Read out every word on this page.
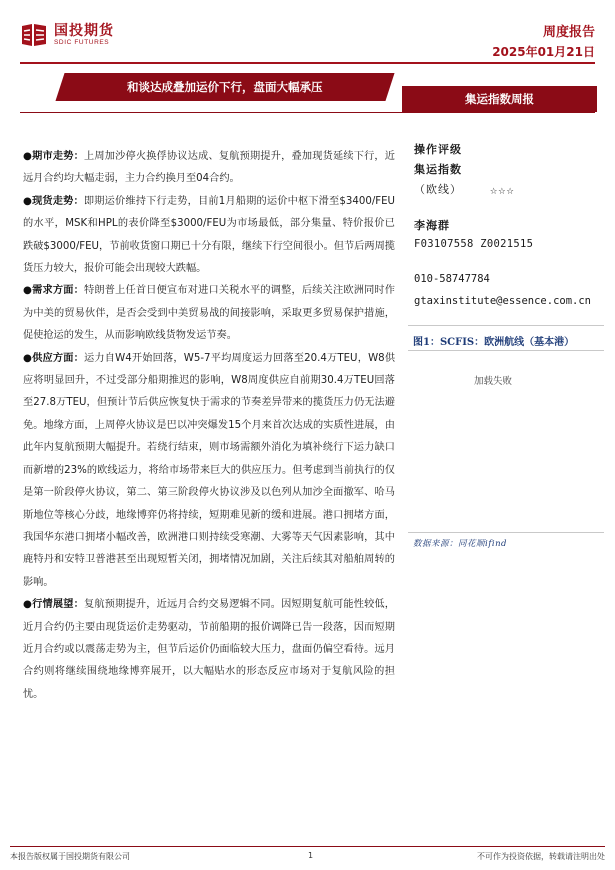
国投期货
SDIC FUTURES
周度报告
2025年01月21日
和谈达成叠加运价下行，盘面大幅承压
集运指数周报

●期市走势：上周加沙停火换俘协议达成、复航预期提升，叠加现货延续下行，近远月合约均大幅走弱，主力合约换月至04合约。

●现货走势：即期运价维持下行走势，目前1月船期的运价中枢下滑至$3400/FEU的水平，MSK和HPL的表价降至$3000/FEU为市场最低，部分集量、特价报价已跌破$3000/FEU，节前收货窗口期已十分有限，继续下行空间很小。但节后两周揽货压力较大，报价可能会出现较大跌幅。

●需求方面：特朗普上任首日便宣布对进口关税水平的调整，后续关注欧洲同时作为中美的贸易伙伴，是否会受到中美贸易战的间接影响，采取更多贸易保护措施，促使抢运的发生，从而影响欧线货物发运节奏。

●供应方面：运力自W4开始回落，W5-7平均周度运力回落至20.4万TEU，W8供应将明显回升，不过受部分船期推迟的影响，W8周度供应自前期30.4万TEU回落至27.8万TEU，但预计节后供应恢复快于需求的节奏差异带来的揽货压力仍无法避免。地缘方面，上周停火协议是巴以冲突爆发15个月来首次达成的实质性进展，由此年内复航预期大幅提升。若绕行结束，则市场需额外消化为填补绕行下运力缺口而新增的23%的欧线运力，将给市场带来巨大的供应压力。但考虑到当前执行的仅是第一阶段停火协议，第二、第三阶段停火协议涉及以色列从加沙全面撤军、哈马斯地位等核心分歧，地缘博弈仍将持续，短期难见新的缓和进展。港口拥堵方面，我国华东港口拥堵小幅改善，欧洲港口则持续受寒潮、大雾等天气因素影响，其中鹿特丹和安特卫普港甚至出现短暂关闭，拥堵情况加剧，关注后续其对船舶周转的影响。

●行情展望：复航预期提升，近远月合约交易逻辑不同。因短期复航可能性较低，近月合约仍主要由现货运价走势驱动，节前船期的报价调降已告一段落，因而短期近月合约或以震荡走势为主，但节后运价仍面临较大压力，盘面仍偏空看待。远月合约则将继续围绕地缘博弈展开，以大幅贴水的形态反应市场对于复航风险的担忧。

操作评级
集运指数
（欧线） ☆☆☆
李海群
F03107558 Z0021515
010-58747784
gtaxinstitute@essence.com.cn
图1：SCFIS：欧洲航线（基本港）
加载失败
数据来源：同花顺ifind
本报告版权属于国投期货有限公司	1	不可作为投资依据，转载请注明出处
